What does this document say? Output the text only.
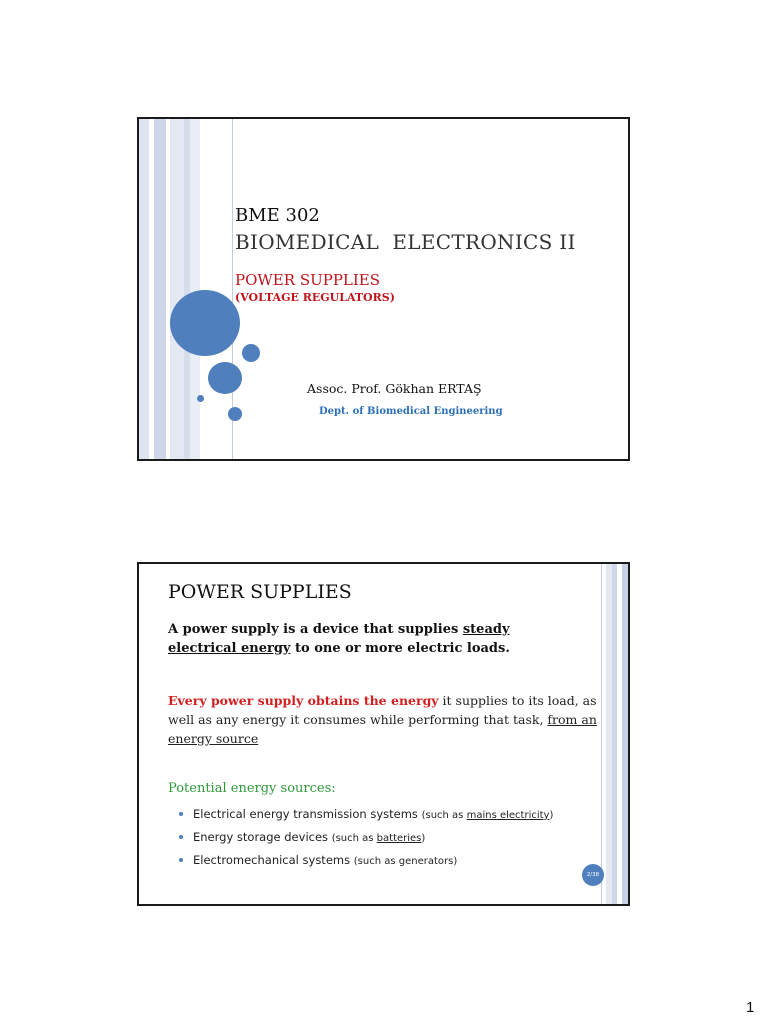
BME 302
BIOMEDICAL  ELECTRONICS II
POWER SUPPLIES
(VOLTAGE REGULATORS)
Assoc. Prof. Gökhan ERTAŞ
Dept. of Biomedical Engineering
POWER SUPPLIES
A power supply is a device that supplies steady
electrical energy to one or more electric loads.
Every power supply obtains the energy it supplies to its load, as well as any energy it consumes while performing that task, from an energy source
Potential energy sources:
Electrical energy transmission systems (such as mains electricity)
Energy storage devices (such as batteries)
Electromechanical systems (such as generators)
2/38
1
